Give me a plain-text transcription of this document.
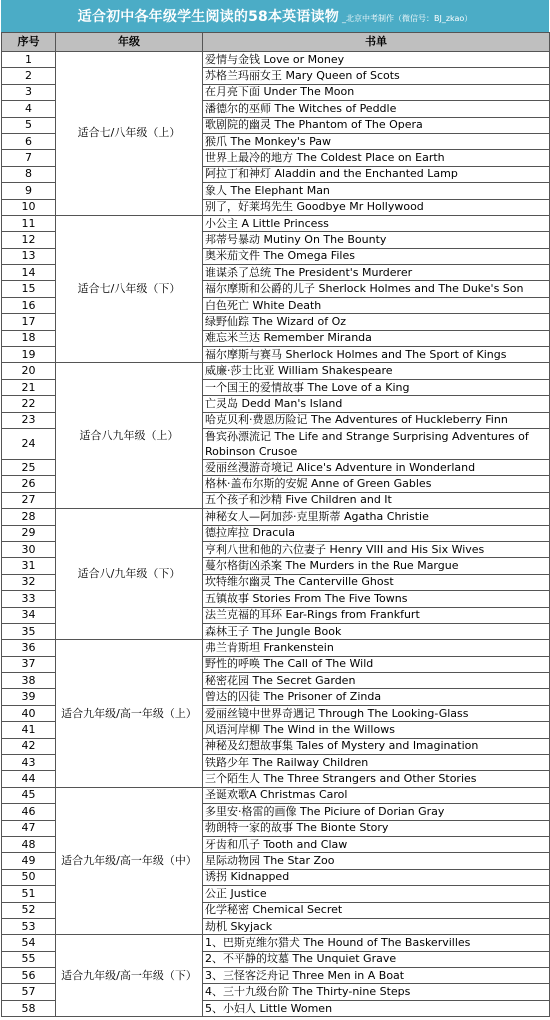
适合初中各年级学生阅读的58本英语读物 _北京中考制作（微信号：BJ_zkao）
序号	年级	书单
1	适合七/八年级（上）	爱情与金钱 Love or Money
2		苏格兰玛丽女王 Mary Queen of Scots
3		在月亮下面 Under The Moon
4		潘德尔的巫师 The Witches of Peddle
5		歌剧院的幽灵 The Phantom of The Opera
6		猴爪 The Monkey's Paw
7		世界上最冷的地方 The Coldest Place on Earth
8		阿拉丁和神灯 Aladdin and the Enchanted Lamp
9		象人 The Elephant Man
10		别了，好莱坞先生 Goodbye Mr Hollywood
11	适合七/八年级（下）	小公主 A Little Princess
12		邦蒂号暴动 Mutiny On The Bounty
13		奥米茄文件 The Omega Files
14		谁谋杀了总统 The President's Murderer
15		福尔摩斯和公爵的儿子 Sherlock Holmes and The Duke's Son
16		白色死亡 White Death
17		绿野仙踪 The Wizard of Oz
18		难忘米兰达 Remember Miranda
19		福尔摩斯与赛马 Sherlock Holmes and The Sport of Kings
20	适合八九年级（上）	威廉·莎士比亚 William Shakespeare
21		一个国王的爱情故事 The Love of a King
22		亡灵岛 Dedd Man's Island
23		哈克贝利·费恩历险记 The Adventures of Huckleberry Finn
24		鲁宾孙漂流记 The Life and Strange Surprising Adventures of Robinson Crusoe
25		爱丽丝漫游奇境记 Alice's Adventure in Wonderland
26		格林·盖布尔斯的安妮 Anne of Green Gables
27		五个孩子和沙精 Five Children and It
28	适合八/九年级（下）	神秘女人—阿加莎·克里斯蒂 Agatha Christie
29		德拉库拉 Dracula
30		亨利八世和他的六位妻子 Henry VIII and His Six Wives
31		蔓尔格街凶杀案 The Murders in the Rue Margue
32		坎特维尔幽灵 The Canterville Ghost
33		五镇故事 Stories From The Five Towns
34		法兰克福的耳环 Ear-Rings from Frankfurt
35		森林王子 The Jungle Book
36	适合九年级/高一年级（上）	弗兰肯斯坦 Frankenstein
37		野性的呼唤 The Call of The Wild
38		秘密花园 The Secret Garden
39		曾达的囚徒 The Prisoner of Zinda
40		爱丽丝镜中世界奇遇记 Through The Looking-Glass
41		风语河岸柳 The Wind in the Willows
42		神秘及幻想故事集 Tales of Mystery and Imagination
43		铁路少年 The Railway Children
44		三个陌生人 The Three Strangers and Other Stories
45	适合九年级/高一年级（中）	圣诞欢歌A Christmas Carol
46		多里安·格雷的画像 The Piciure of Dorian Gray
47		勃朗特一家的故事 The Bionte Story
48		牙齿和爪子 Tooth and Claw
49		星际动物园 The Star Zoo
50		诱拐 Kidnapped
51		公正 Justice
52		化学秘密 Chemical Secret
53		劫机 Skyjack
54	适合九年级/高一年级（下）	1、巴斯克维尔猎犬 The Hound of The Baskervilles
55		2、不平静的坟墓 The Unquiet Grave
56		3、三怪客泛舟记 Three Men in A Boat
57		4、三十九级台阶 The Thirty-nine Steps
58		5、小妇人 Little Women
